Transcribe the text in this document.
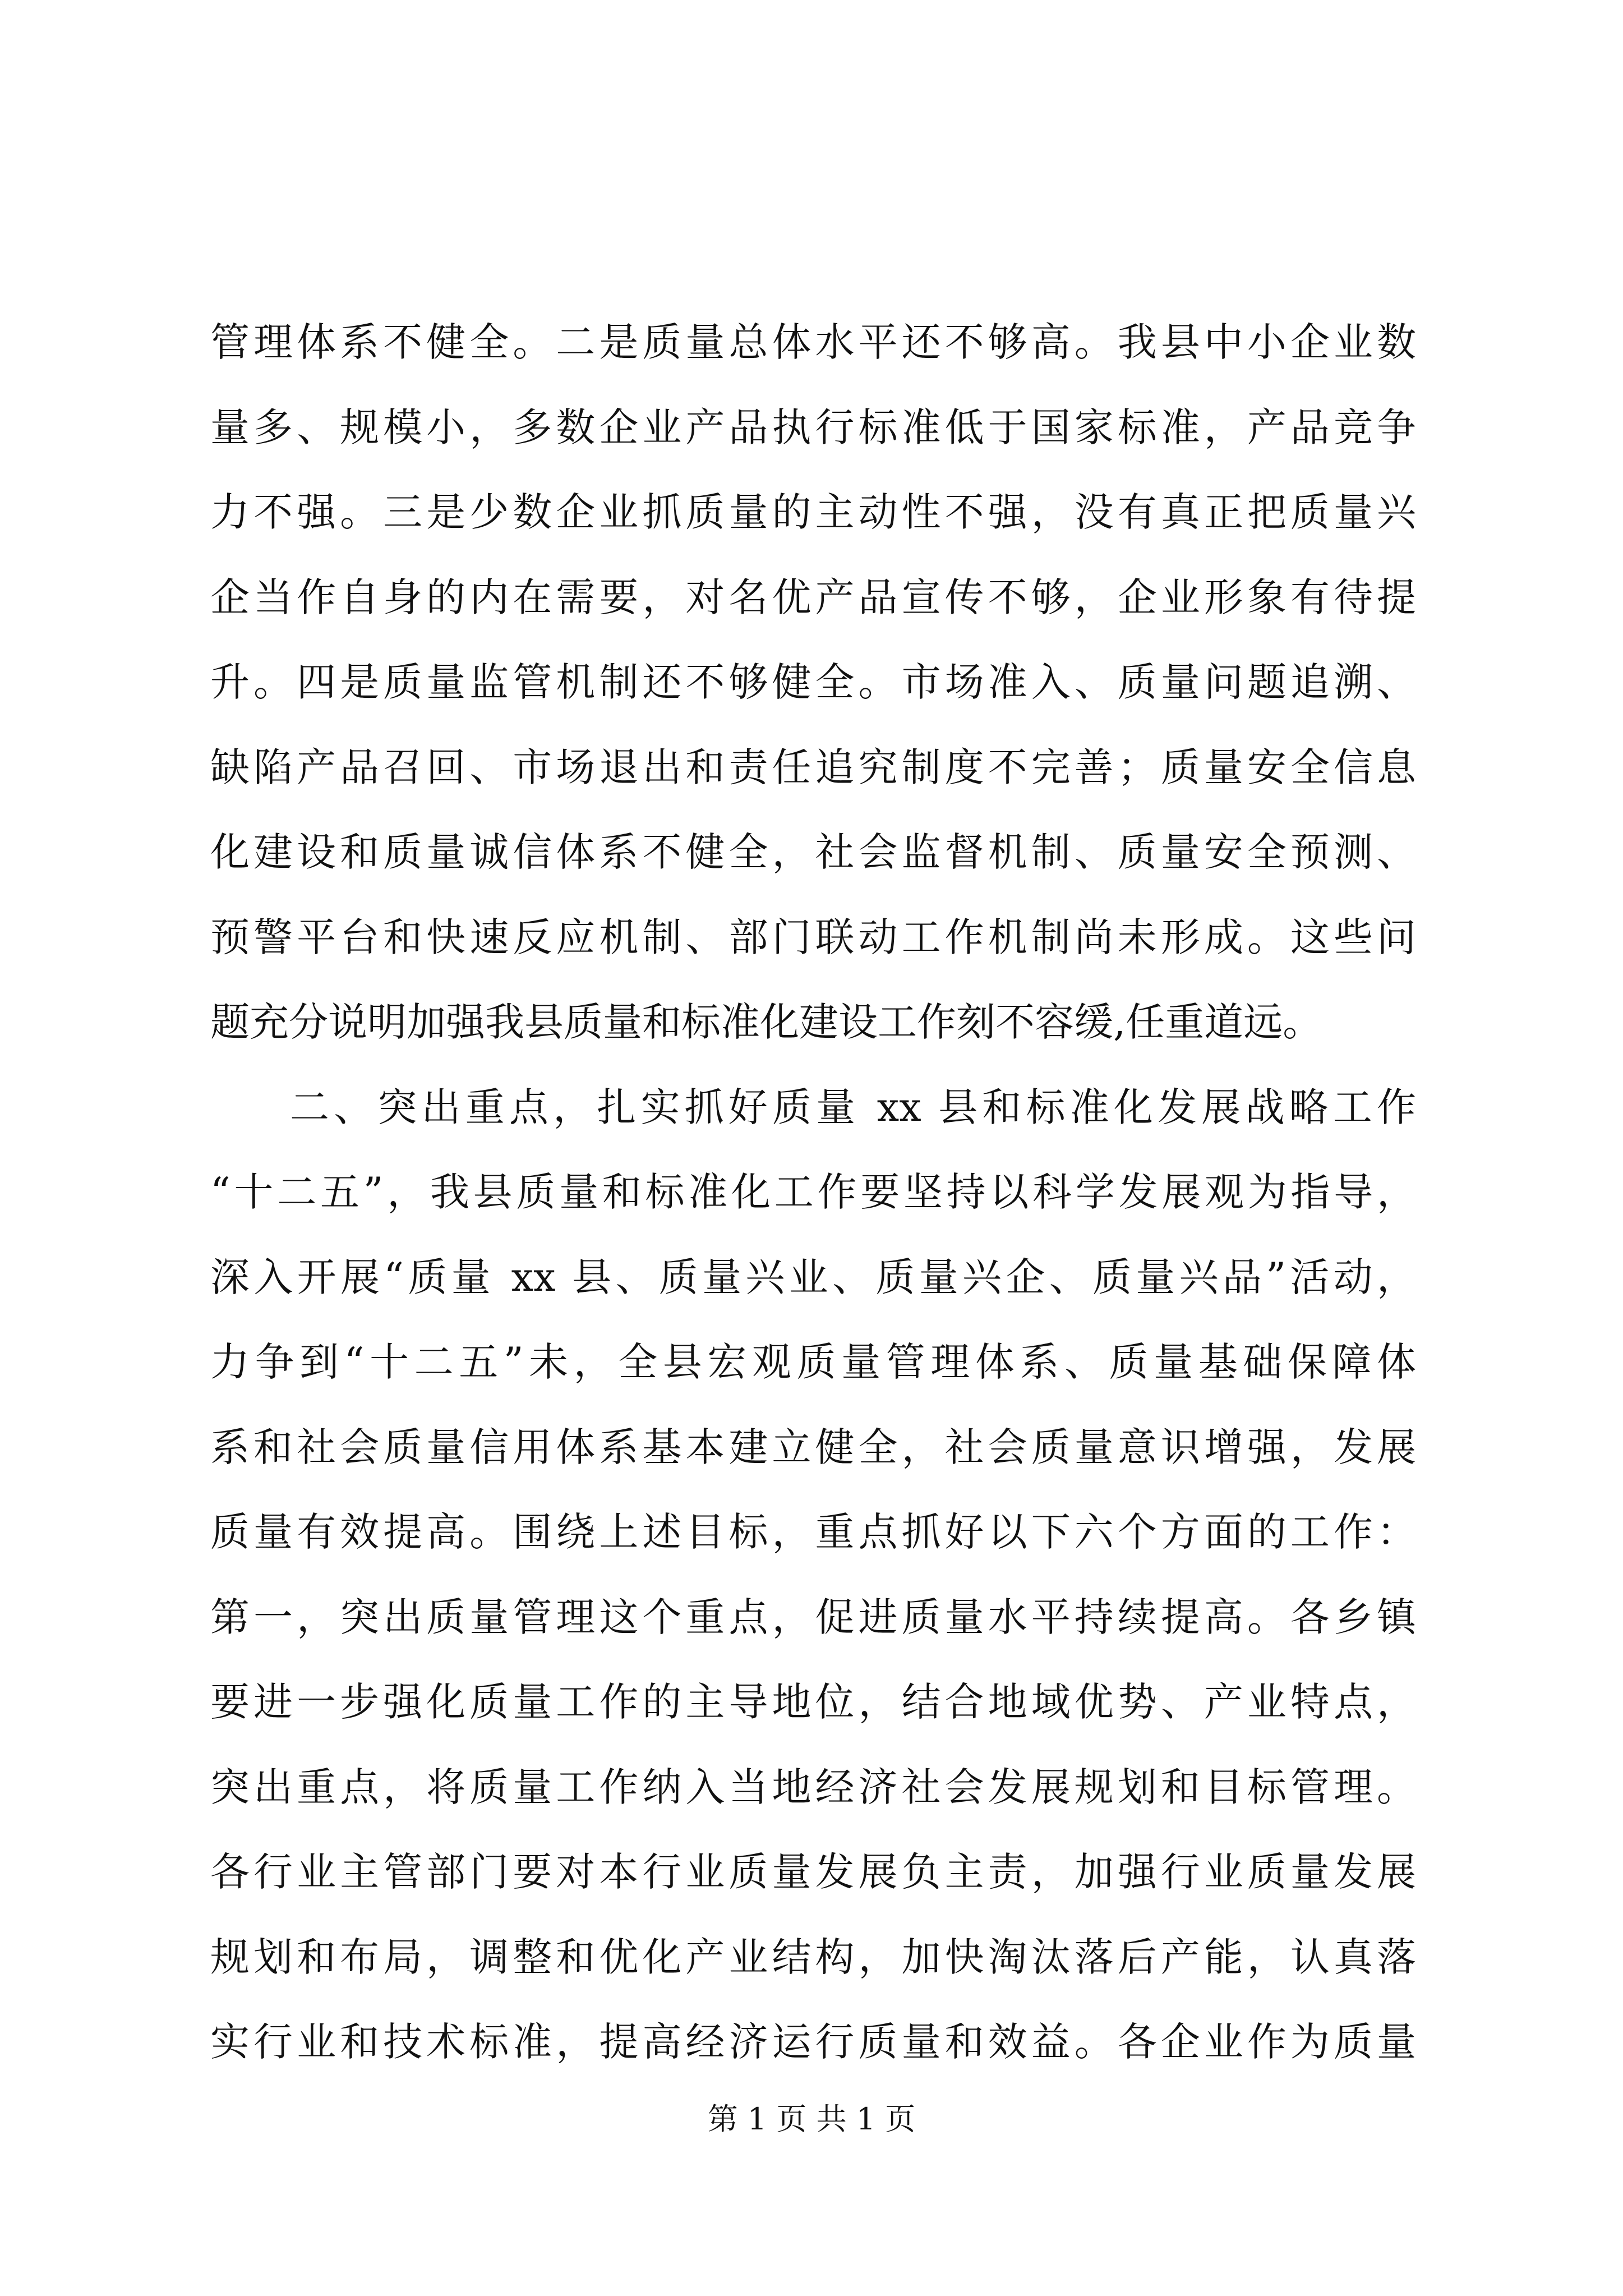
管理体系不健全。二是质量总体水平还不够高。我县中小企业数
量多、规模小，多数企业产品执行标准低于国家标准，产品竞争
力不强。三是少数企业抓质量的主动性不强，没有真正把质量兴
企当作自身的内在需要，对名优产品宣传不够，企业形象有待提
升。四是质量监管机制还不够健全。市场准入、质量问题追溯、
缺陷产品召回、市场退出和责任追究制度不完善；质量安全信息
化建设和质量诚信体系不健全，社会监督机制、质量安全预测、
预警平台和快速反应机制、部门联动工作机制尚未形成。这些问
题充分说明加强我县质量和标准化建设工作刻不容缓,任重道远。
二、突出重点，扎实抓好质量 xx 县和标准化发展战略工作
“十二五”，我县质量和标准化工作要坚持以科学发展观为指导，
深入开展“质量 xx 县、质量兴业、质量兴企、质量兴品”活动，
力争到“十二五”未，全县宏观质量管理体系、质量基础保障体
系和社会质量信用体系基本建立健全，社会质量意识增强，发展
质量有效提高。围绕上述目标，重点抓好以下六个方面的工作：
第一，突出质量管理这个重点，促进质量水平持续提高。各乡镇
要进一步强化质量工作的主导地位，结合地域优势、产业特点，
突出重点，将质量工作纳入当地经济社会发展规划和目标管理。
各行业主管部门要对本行业质量发展负主责，加强行业质量发展
规划和布局，调整和优化产业结构，加快淘汰落后产能，认真落
实行业和技术标准，提高经济运行质量和效益。各企业作为质量
第 1 页 共 1 页
